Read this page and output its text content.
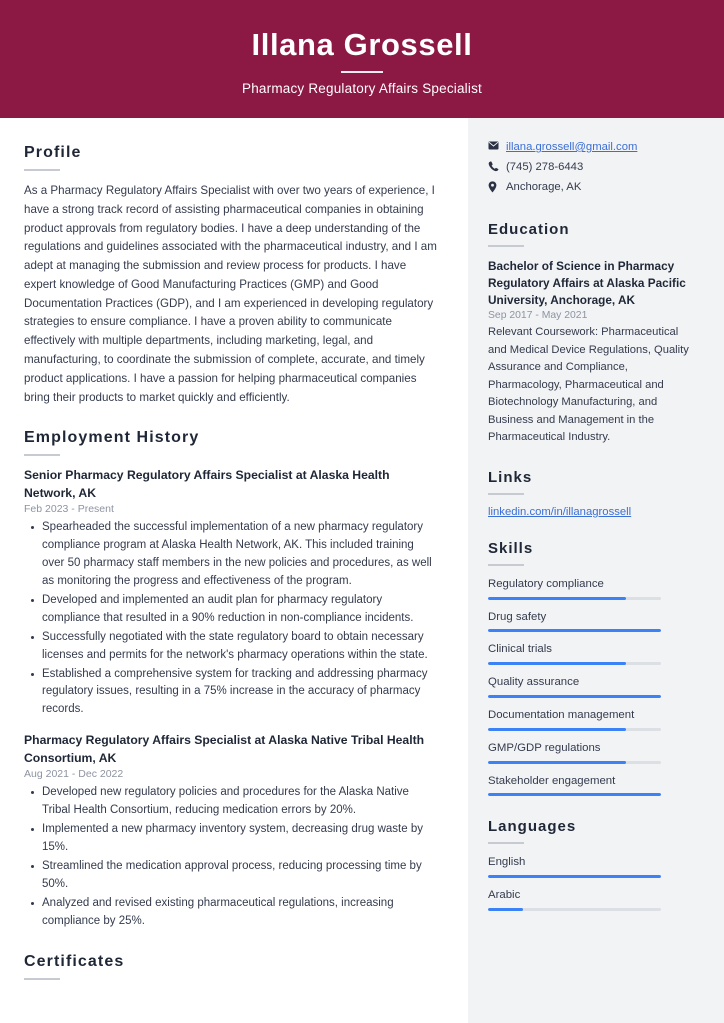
Illana Grossell
Pharmacy Regulatory Affairs Specialist
Profile

As a Pharmacy Regulatory Affairs Specialist with over two years of experience, I have a strong track record of assisting pharmaceutical companies in obtaining product approvals from regulatory bodies. I have a deep understanding of the regulations and guidelines associated with the pharmaceutical industry, and I am adept at managing the submission and review process for products. I have expert knowledge of Good Manufacturing Practices (GMP) and Good Documentation Practices (GDP), and I am experienced in developing regulatory strategies to ensure compliance. I have a proven ability to communicate effectively with multiple departments, including marketing, legal, and manufacturing, to coordinate the submission of complete, accurate, and timely product applications. I have a passion for helping pharmaceutical companies bring their products to market quickly and efficiently.

Employment History
Senior Pharmacy Regulatory Affairs Specialist at Alaska Health Network, AK
Feb 2023 - Present
Spearheaded the successful implementation of a new pharmacy regulatory compliance program at Alaska Health Network, AK. This included training over 50 pharmacy staff members in the new policies and procedures, as well as monitoring the progress and effectiveness of the program.
Developed and implemented an audit plan for pharmacy regulatory compliance that resulted in a 90% reduction in non-compliance incidents.
Successfully negotiated with the state regulatory board to obtain necessary licenses and permits for the network's pharmacy operations within the state.
Established a comprehensive system for tracking and addressing pharmacy regulatory issues, resulting in a 75% increase in the accuracy of pharmacy records.
Pharmacy Regulatory Affairs Specialist at Alaska Native Tribal Health Consortium, AK
Aug 2021 - Dec 2022
Developed new regulatory policies and procedures for the Alaska Native Tribal Health Consortium, reducing medication errors by 20%.
Implemented a new pharmacy inventory system, decreasing drug waste by 15%.
Streamlined the medication approval process, reducing processing time by 50%.
Analyzed and revised existing pharmaceutical regulations, increasing compliance by 25%.
Certificates
illana.grossell@gmail.com
(745) 278-6443
Anchorage, AK
Education
Bachelor of Science in Pharmacy Regulatory Affairs at Alaska Pacific University, Anchorage, AK
Sep 2017 - May 2021
Relevant Coursework: Pharmaceutical and Medical Device Regulations, Quality Assurance and Compliance, Pharmacology, Pharmaceutical and Biotechnology Manufacturing, and Business and Management in the Pharmaceutical Industry.
Links
linkedin.com/in/illanagrossell
Skills
Regulatory compliance
Drug safety
Clinical trials
Quality assurance
Documentation management
GMP/GDP regulations
Stakeholder engagement
Languages
English
Arabic
